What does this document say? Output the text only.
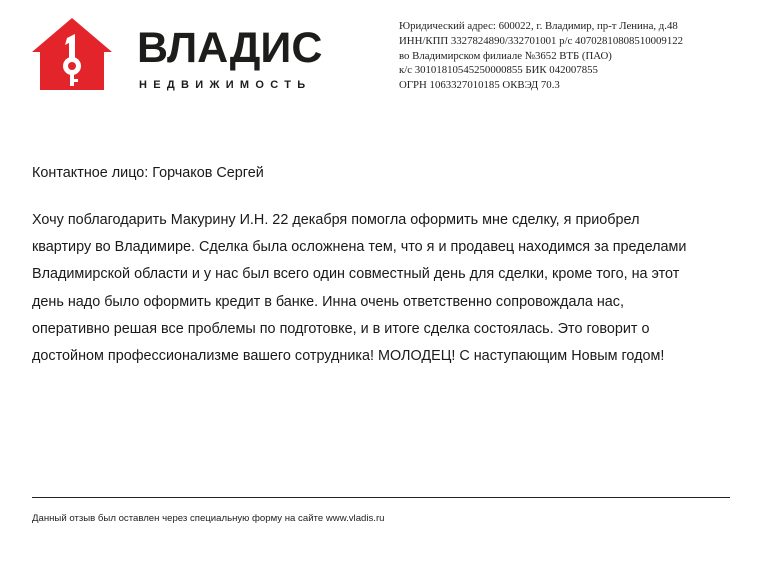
ВЛАДИС
НЕДВИЖИМОСТЬ
Юридический адрес: 600022, г. Владимир, пр-т Ленина, д.48
ИНН/КПП 3327824890/332701001 р/с 40702810808510009122
во Владимирском филиале №3652 ВТБ (ПАО)
к/с 30101810545250000855 БИК 042007855
ОГРН 1063327010185 ОКВЭД 70.3
Контактное лицо: Горчаков Сергей
Хочу поблагодарить Макурину И.Н. 22 декабря помогла оформить мне сделку, я приобрел
квартиру во Владимире. Сделка была осложнена тем, что я и продавец находимся за пределами
Владимирской области и у нас был всего один совместный день для сделки, кроме того, на этот
день надо было оформить кредит в банке. Инна очень ответственно сопровождала нас,
оперативно решая все проблемы по подготовке, и в итоге сделка состоялась. Это говорит о
достойном профессионализме вашего сотрудника! МОЛОДЕЦ! С наступающим Новым годом!
Данный отзыв был оставлен через специальную форму на сайте www.vladis.ru
